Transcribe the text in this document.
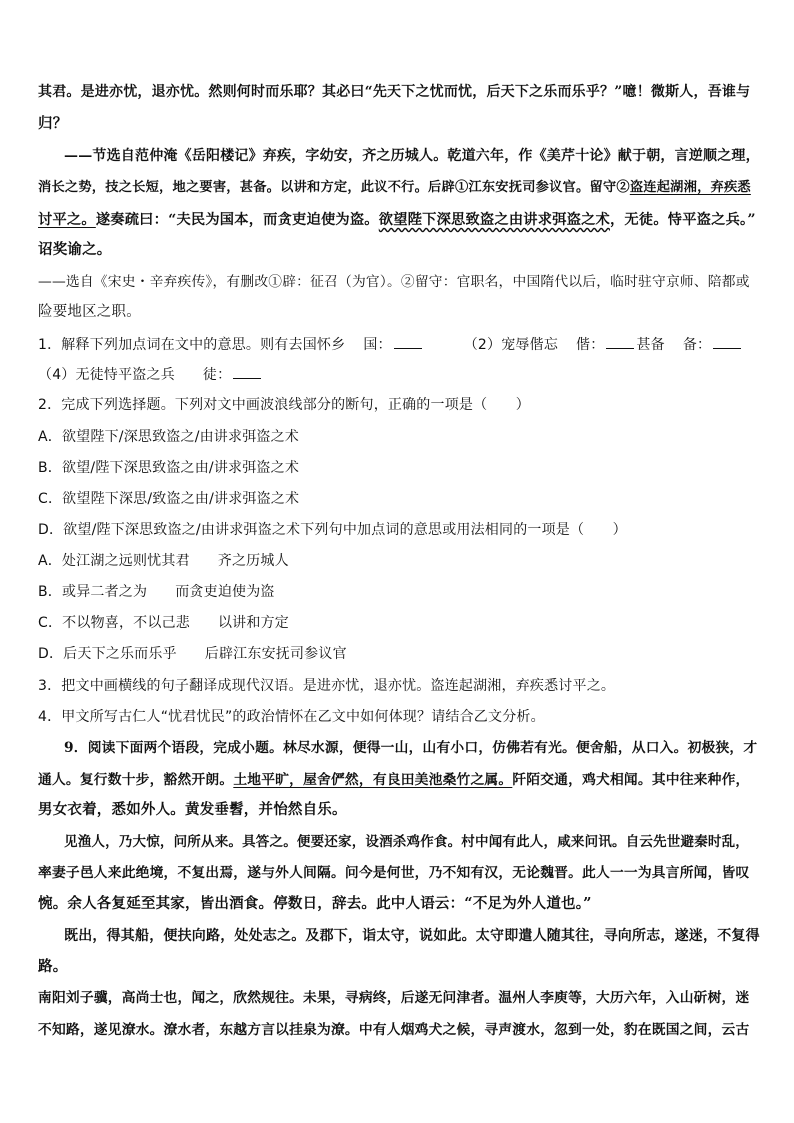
其君。是进亦忧，退亦忧。然则何时而乐耶？其必曰“先天下之忧而忧，后天下之乐而乐乎？”噫！微斯人，吾谁与
归？
——节选自范仲淹《岳阳楼记》弃疾，字幼安，齐之历城人。乾道六年，作《美芹十论》献于朝，言逆顺之理，
消长之势，技之长短，地之要害，甚备。以讲和方定，此议不行。后辟①江东安抚司参议官。留守②盗连起湖湘，弃疾悉
讨平之。遂奏疏曰：“夫民为国本，而贪吏迫使为盗。欲望陛下深思致盗之由讲求弭盗之术，无徒。恃平盗之兵。”
诏奖谕之。
——选自《宋史・辛弃疾传》，有删改①辟：征召（为官）。②留守：官职名，中国隋代以后，临时驻守京师、陪都或
险要地区之职。
1．解释下列加点词在文中的意思。则有去国怀乡 国：	（2）宠辱偕忘 偕： 甚备 备：
（4）无徒恃平盗之兵 徒：
2．完成下列选择题。下列对文中画波浪线部分的断句，正确的一项是（　　）
A．欲望陛下/深思致盗之/由讲求弭盗之术
B．欲望/陛下深思致盗之由/讲求弭盗之术
C．欲望陛下深思/致盗之由/讲求弭盗之术
D．欲望/陛下深思致盗之/由讲求弭盗之术下列句中加点词的意思或用法相同的一项是（　　）
A．处江湖之远则忧其君 齐之历城人
B．或异二者之为 而贪吏迫使为盗
C．不以物喜，不以己悲 以讲和方定
D．后天下之乐而乐乎 后辟江东安抚司参议官
3．把文中画横线的句子翻译成现代汉语。是进亦忧，退亦忧。盗连起湖湘，弃疾悉讨平之。
4．甲文所写古仁人“忧君忧民”的政治情怀在乙文中如何体现？请结合乙文分析。
9．阅读下面两个语段，完成小题。林尽水源，便得一山，山有小口，仿佛若有光。便舍船，从口入。初极狭，才
通人。复行数十步，豁然开朗。土地平旷，屋舍俨然，有良田美池桑竹之属。阡陌交通，鸡犬相闻。其中往来种作，
男女衣着，悉如外人。黄发垂髫，并怡然自乐。
见渔人，乃大惊，问所从来。具答之。便要还家，设酒杀鸡作食。村中闻有此人，咸来问讯。自云先世避秦时乱，
率妻子邑人来此绝境，不复出焉，遂与外人间隔。问今是何世，乃不知有汉，无论魏晋。此人一一为具言所闻，皆叹
惋。余人各复延至其家，皆出酒食。停数日，辞去。此中人语云：“不足为外人道也。”
既出，得其船，便扶向路，处处志之。及郡下，诣太守，说如此。太守即遣人随其往，寻向所志，遂迷，不复得
路。
南阳刘子骥，高尚士也，闻之，欣然规往。未果，寻病终，后遂无问津者。温州人李庾等，大历六年，入山斫树，迷
不知路，遂见潦水。潦水者，东越方言以挂泉为潦。中有人烟鸡犬之候，寻声渡水，忽到一处，豹在既国之间，云古
